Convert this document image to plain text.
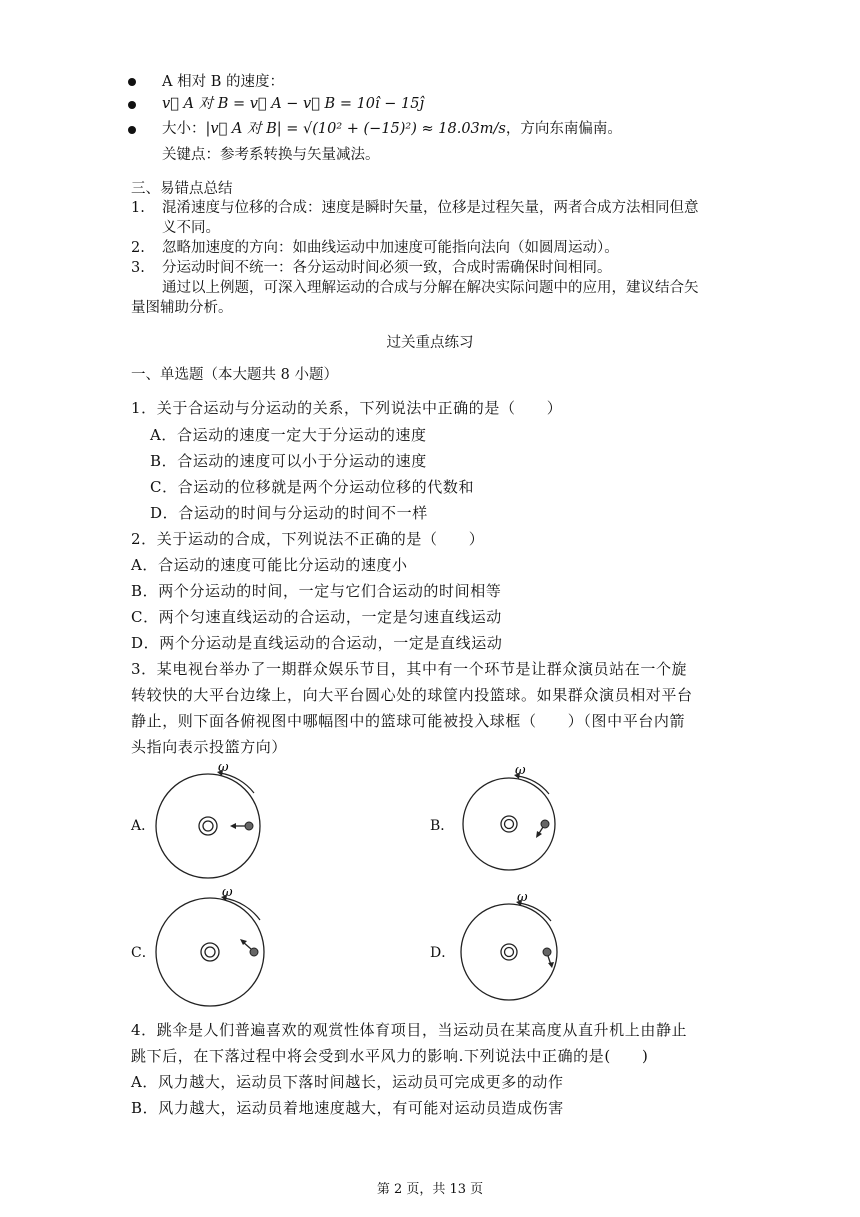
A 相对 B 的速度：
v⃗ A 对 B = v⃗ A − v⃗ B = 10î − 15ĵ
大小：|v⃗ A 对 B| = √(10² + (−15)²) ≈ 18.03m/s，方向东南偏南。
关键点：参考系转换与矢量减法。
三、易错点总结
1. 混淆速度与位移的合成：速度是瞬时矢量，位移是过程矢量，两者合成方法相同但意
义不同。
2. 忽略加速度的方向：如曲线运动中加速度可能指向法向（如圆周运动）。
3. 分运动时间不统一：各分运动时间必须一致，合成时需确保时间相同。
通过以上例题，可深入理解运动的合成与分解在解决实际问题中的应用，建议结合矢
量图辅助分析。
过关重点练习
一、单选题（本大题共 8 小题）
1．关于合运动与分运动的关系，下列说法中正确的是（　　）
A．合运动的速度一定大于分运动的速度
B．合运动的速度可以小于分运动的速度
C．合运动的位移就是两个分运动位移的代数和
D．合运动的时间与分运动的时间不一样
2．关于运动的合成，下列说法不正确的是（　　）
A．合运动的速度可能比分运动的速度小
B．两个分运动的时间，一定与它们合运动的时间相等
C．两个匀速直线运动的合运动，一定是匀速直线运动
D．两个分运动是直线运动的合运动，一定是直线运动
3．某电视台举办了一期群众娱乐节目，其中有一个环节是让群众演员站在一个旋
转较快的大平台边缘上，向大平台圆心处的球筐内投篮球。如果群众演员相对平台
静止，则下面各俯视图中哪幅图中的篮球可能被投入球框（　　）（图中平台内箭
头指向表示投篮方向）
A．
ω
B．
ω
C．
ω
D．
ω
4．跳伞是人们普遍喜欢的观赏性体育项目，当运动员在某高度从直升机上由静止
跳下后，在下落过程中将会受到水平风力的影响.下列说法中正确的是(　　)
A．风力越大，运动员下落时间越长，运动员可完成更多的动作
B．风力越大，运动员着地速度越大，有可能对运动员造成伤害
第 2 页，共 13 页
